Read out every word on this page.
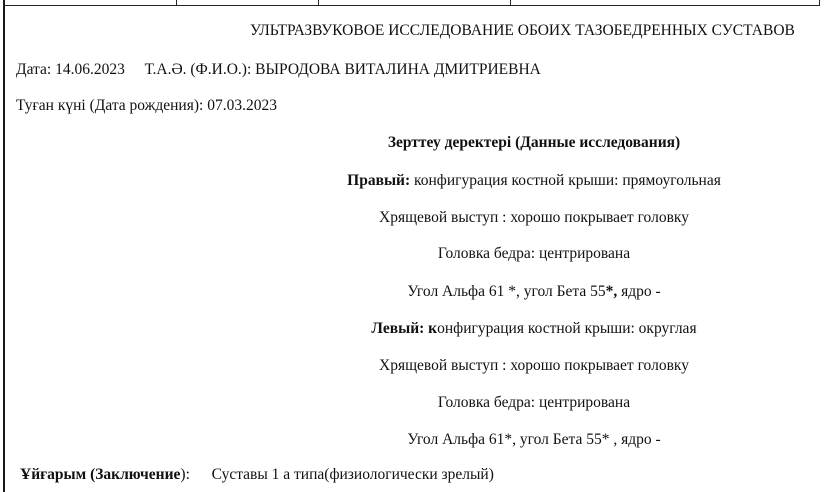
УЛЬТРАЗВУКОВОЕ ИССЛЕДОВАНИЕ ОБОИХ ТАЗОБЕДРЕННЫХ СУСТАВОВ
Дата: 14.06.2023 Т.А.Ә. (Ф.И.О.): ВЫРОДОВА ВИТАЛИНА ДМИТРИЕВНА
Туған күні (Дата рождения): 07.03.2023
Зерттеу деректері (Данные исследования)
Правый: конфигурация костной крыши: прямоугольная
Хрящевой выступ : хорошо покрывает головку
Головка бедра: центрирована
Угол Альфа 61 *, угол Бета 55*, ядро -
Левый: конфигурация костной крыши: округлая
Хрящевой выступ : хорошо покрывает головку
Головка бедра: центрирована
Угол Альфа 61*, угол Бета 55* , ядро -
Ұйғарым (Заключение): Суставы 1 а типа(физиологически зрелый)
